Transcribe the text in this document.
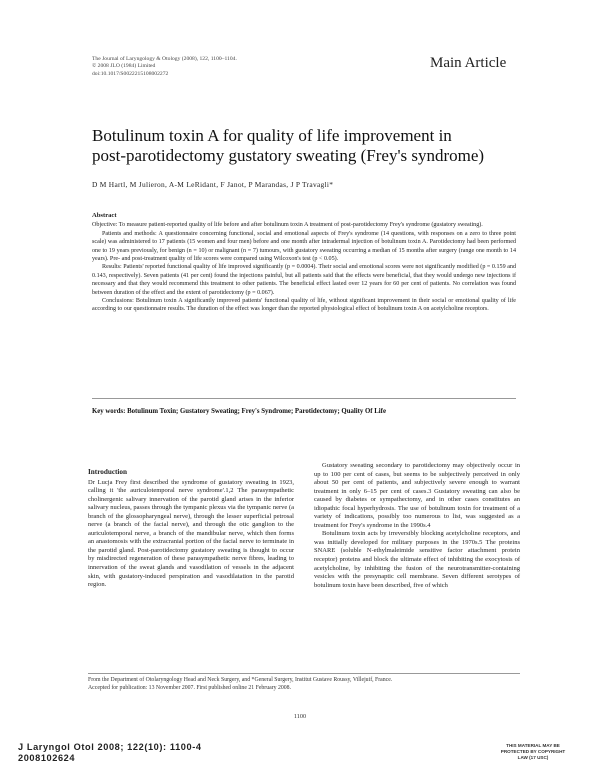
The Journal of Laryngology & Otology (2008), 122, 1100–1104.
© 2008 JLO (1984) Limited
doi:10.1017/S0022215108002272
Main Article
Botulinum toxin A for quality of life improvement in
post-parotidectomy gustatory sweating (Frey's syndrome)
D M Hartl, M Julieron, A-M LeRidant, F Janot, P Marandas, J P Travagli*
Abstract

Objective: To measure patient-reported quality of life before and after botulinum toxin A treatment of post-parotidectomy Frey's syndrome (gustatory sweating).

Patients and methods: A questionnaire concerning functional, social and emotional aspects of Frey's syndrome (14 questions, with responses on a zero to three point scale) was administered to 17 patients (15 women and four men) before and one month after intradermal injection of botulinum toxin A. Parotidectomy had been performed one to 19 years previously, for benign (n = 10) or malignant (n = 7) tumours, with gustatory sweating occurring a median of 15 months after surgery (range one month to 14 years). Pre- and post-treatment quality of life scores were compared using Wilcoxon's test (p < 0.05).

Results: Patients' reported functional quality of life improved significantly (p = 0.0004). Their social and emotional scores were not significantly modified (p = 0.159 and 0.143, respectively). Seven patients (41 per cent) found the injections painful, but all patients said that the effects were beneficial, that they would undergo new injections if necessary and that they would recommend this treatment to other patients. The beneficial effect lasted over 12 years for 60 per cent of patients. No correlation was found between duration of the effect and the extent of parotidectomy (p = 0.067).

Conclusions: Botulinum toxin A significantly improved patients' functional quality of life, without significant improvement in their social or emotional quality of life according to our questionnaire results. The duration of the effect was longer than the reported physiological effect of botulinum toxin A on acetylcholine receptors.

Key words: Botulinum Toxin; Gustatory Sweating; Frey's Syndrome; Parotidectomy; Quality Of Life
Introduction

Dr Lucja Frey first described the syndrome of gustatory sweating in 1923, calling it 'the auriculotemporal nerve syndrome'.1,2 The parasympathetic cholinergenic salivary innervation of the parotid gland arises in the inferior salivary nucleus, passes through the tympanic plexus via the tympanic nerve (a branch of the glossopharyngeal nerve), through the lesser superficial petrosal nerve (a branch of the facial nerve), and through the otic ganglion to the auriculotemporal nerve, a branch of the mandibular nerve, which then forms an anastomosis with the extracranial portion of the facial nerve to terminate in the parotid gland. Post-parotidectomy gustatory sweating is thought to occur by misdirected regeneration of these parasympathetic nerve fibres, leading to innervation of the sweat glands and vasodilation of vessels in the adjacent skin, with gustatory-induced perspiration and vasodilatation in the parotid region.

Gustatory sweating secondary to parotidectomy may objectively occur in up to 100 per cent of cases, but seems to be subjectively perceived in only about 50 per cent of patients, and subjectively severe enough to warrant treatment in only 6–15 per cent of cases.3 Gustatory sweating can also be caused by diabetes or sympathectomy, and in other cases constitutes an idiopathic focal hyperhydrosis. The use of botulinum toxin for treatment of a variety of indications, possibly too numerous to list, was suggested as a treatment for Frey's syndrome in the 1990s.4

Botulinum toxin acts by irreversibly blocking acetylcholine receptors, and was initially developed for military purposes in the 1970s.5 The proteins SNARE (soluble N-ethylmaleimide sensitive factor attachment protein receptor) proteins and block the ultimate effect of inhibiting the exocytosis of acetylcholine, by inhibiting the fusion of the neurotransmitter-containing vesicles with the presynaptic cell membrane. Seven different serotypes of botulinum toxin have been described, five of which

From the Department of Otolaryngology Head and Neck Surgery, and *General Surgery, Institut Gustave Roussy, Villejuif, France.
Accepted for publication: 13 November 2007. First published online 21 February 2008.
1100
J Laryngol Otol 2008; 122(10): 1100-4
2008102624
THIS MATERIAL MAY BE
PROTECTED BY COPYRIGHT
LAW (17 USC)
